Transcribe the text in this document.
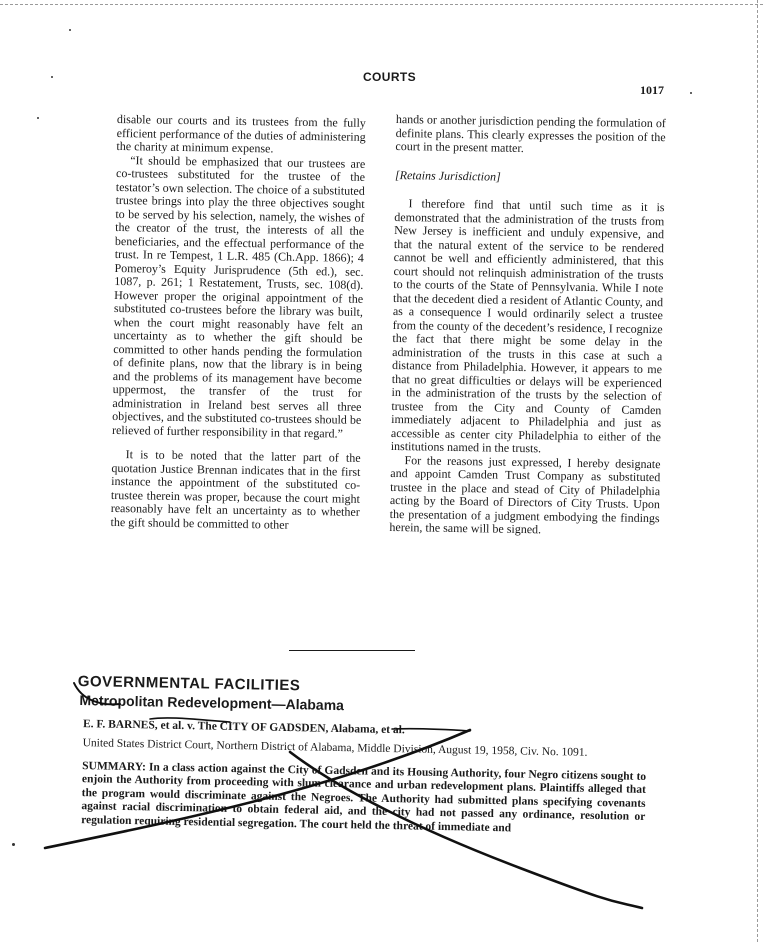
COURTS
1017

disable our courts and its trustees from the fully efficient performance of the duties of administering the charity at minimum expense.

“It should be emphasized that our trustees are co-trustees substituted for the trustee of the testator’s own selection. The choice of a substituted trustee brings into play the three objectives sought to be served by his selection, namely, the wishes of the creator of the trust, the interests of all the beneficiaries, and the effectual performance of the trust. In re Tempest, 1 L.R. 485 (Ch.App. 1866); 4 Pomeroy’s Equity Jurisprudence (5th ed.), sec. 1087, p. 261; 1 Restatement, Trusts, sec. 108(d). However proper the original appointment of the substituted co-trustees before the library was built, when the court might reasonably have felt an uncertainty as to whether the gift should be committed to other hands pending the formulation of definite plans, now that the library is in being and the problems of its management have become uppermost, the transfer of the trust for administration in Ireland best serves all three objectives, and the substituted co-trustees should be relieved of further responsibility in that regard.”

It is to be noted that the latter part of the quotation Justice Brennan indicates that in the first instance the appointment of the substituted co-trustee therein was proper, because the court might reasonably have felt an uncertainty as to whether the gift should be committed to other

hands or another jurisdiction pending the formulation of definite plans. This clearly expresses the position of the court in the present matter.

[Retains Jurisdiction]

I therefore find that until such time as it is demonstrated that the administration of the trusts from New Jersey is inefficient and unduly expensive, and that the natural extent of the service to be rendered cannot be well and efficiently administered, that this court should not relinquish administration of the trusts to the courts of the State of Pennsylvania. While I note that the decedent died a resident of Atlantic County, and as a consequence I would ordinarily select a trustee from the county of the decedent’s residence, I recognize the fact that there might be some delay in the administration of the trusts in this case at such a distance from Philadelphia. However, it appears to me that no great difficulties or delays will be experienced in the administration of the trusts by the selection of trustee from the City and County of Camden immediately adjacent to Philadelphia and just as accessible as center city Philadelphia to either of the institutions named in the trusts.

For the reasons just expressed, I hereby designate and appoint Camden Trust Company as substituted trustee in the place and stead of City of Philadelphia acting by the Board of Directors of City Trusts. Upon the presentation of a judgment embodying the findings herein, the same will be signed.

GOVERNMENTAL FACILITIES

Metropolitan Redevelopment—Alabama

E. F. BARNES, et al. v. The CITY OF GADSDEN, Alabama, et al.

United States District Court, Northern District of Alabama, Middle Division, August 19, 1958, Civ. No. 1091.

SUMMARY: In a class action against the City of Gadsden and its Housing Authority, four Negro citizens sought to enjoin the Authority from proceeding with slum clearance and urban redevelopment plans. Plaintiffs alleged that the program would discriminate against the Negroes. The Authority had submitted plans specifying covenants against racial discrimination to obtain federal aid, and the city had not passed any ordinance, resolution or regulation requiring residential segregation. The court held the threat of immediate and
